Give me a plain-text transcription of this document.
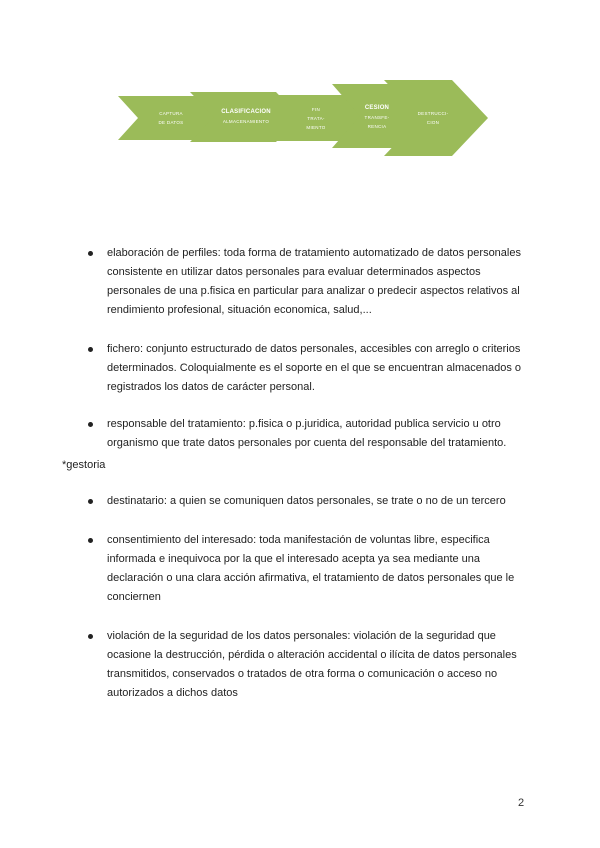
CAPTURA
DE DATOS
CLASIFICACION
ALMACENAMIENTO
FIN
TRATA-
MIENTO
CESION
TRANSFE-
RENCIA
DESTRUCCI-
CION
elaboración de perfiles: toda forma de tratamiento automatizado de datos personales consistente en utilizar datos personales para evaluar determinados aspectos personales de una p.fisica en particular para analizar o predecir aspectos relativos al rendimiento profesional, situación economica, salud,...
fichero: conjunto estructurado de datos personales, accesibles con arreglo o criterios determinados. Coloquialmente es el soporte en el que se encuentran almacenados o registrados los datos de carácter personal.
responsable del tratamiento: p.fisica o p.juridica, autoridad publica servicio u otro organismo que trate datos personales por cuenta del responsable del tratamiento.
destinatario: a quien se comuniquen datos personales, se trate o no de un tercero
consentimiento del interesado: toda manifestación de voluntas libre, especifica informada e inequivoca por la que el interesado acepta ya sea mediante una declaración o una clara acción afirmativa, el tratamiento de datos personales que le conciernen
violación de la seguridad de los datos personales: violación de la seguridad que ocasione la destrucción, pérdida o alteración accidental o ilícita de datos personales transmitidos, conservados o tratados de otra forma o comunicación o acceso no autorizados a dichos datos
*gestoria
2
